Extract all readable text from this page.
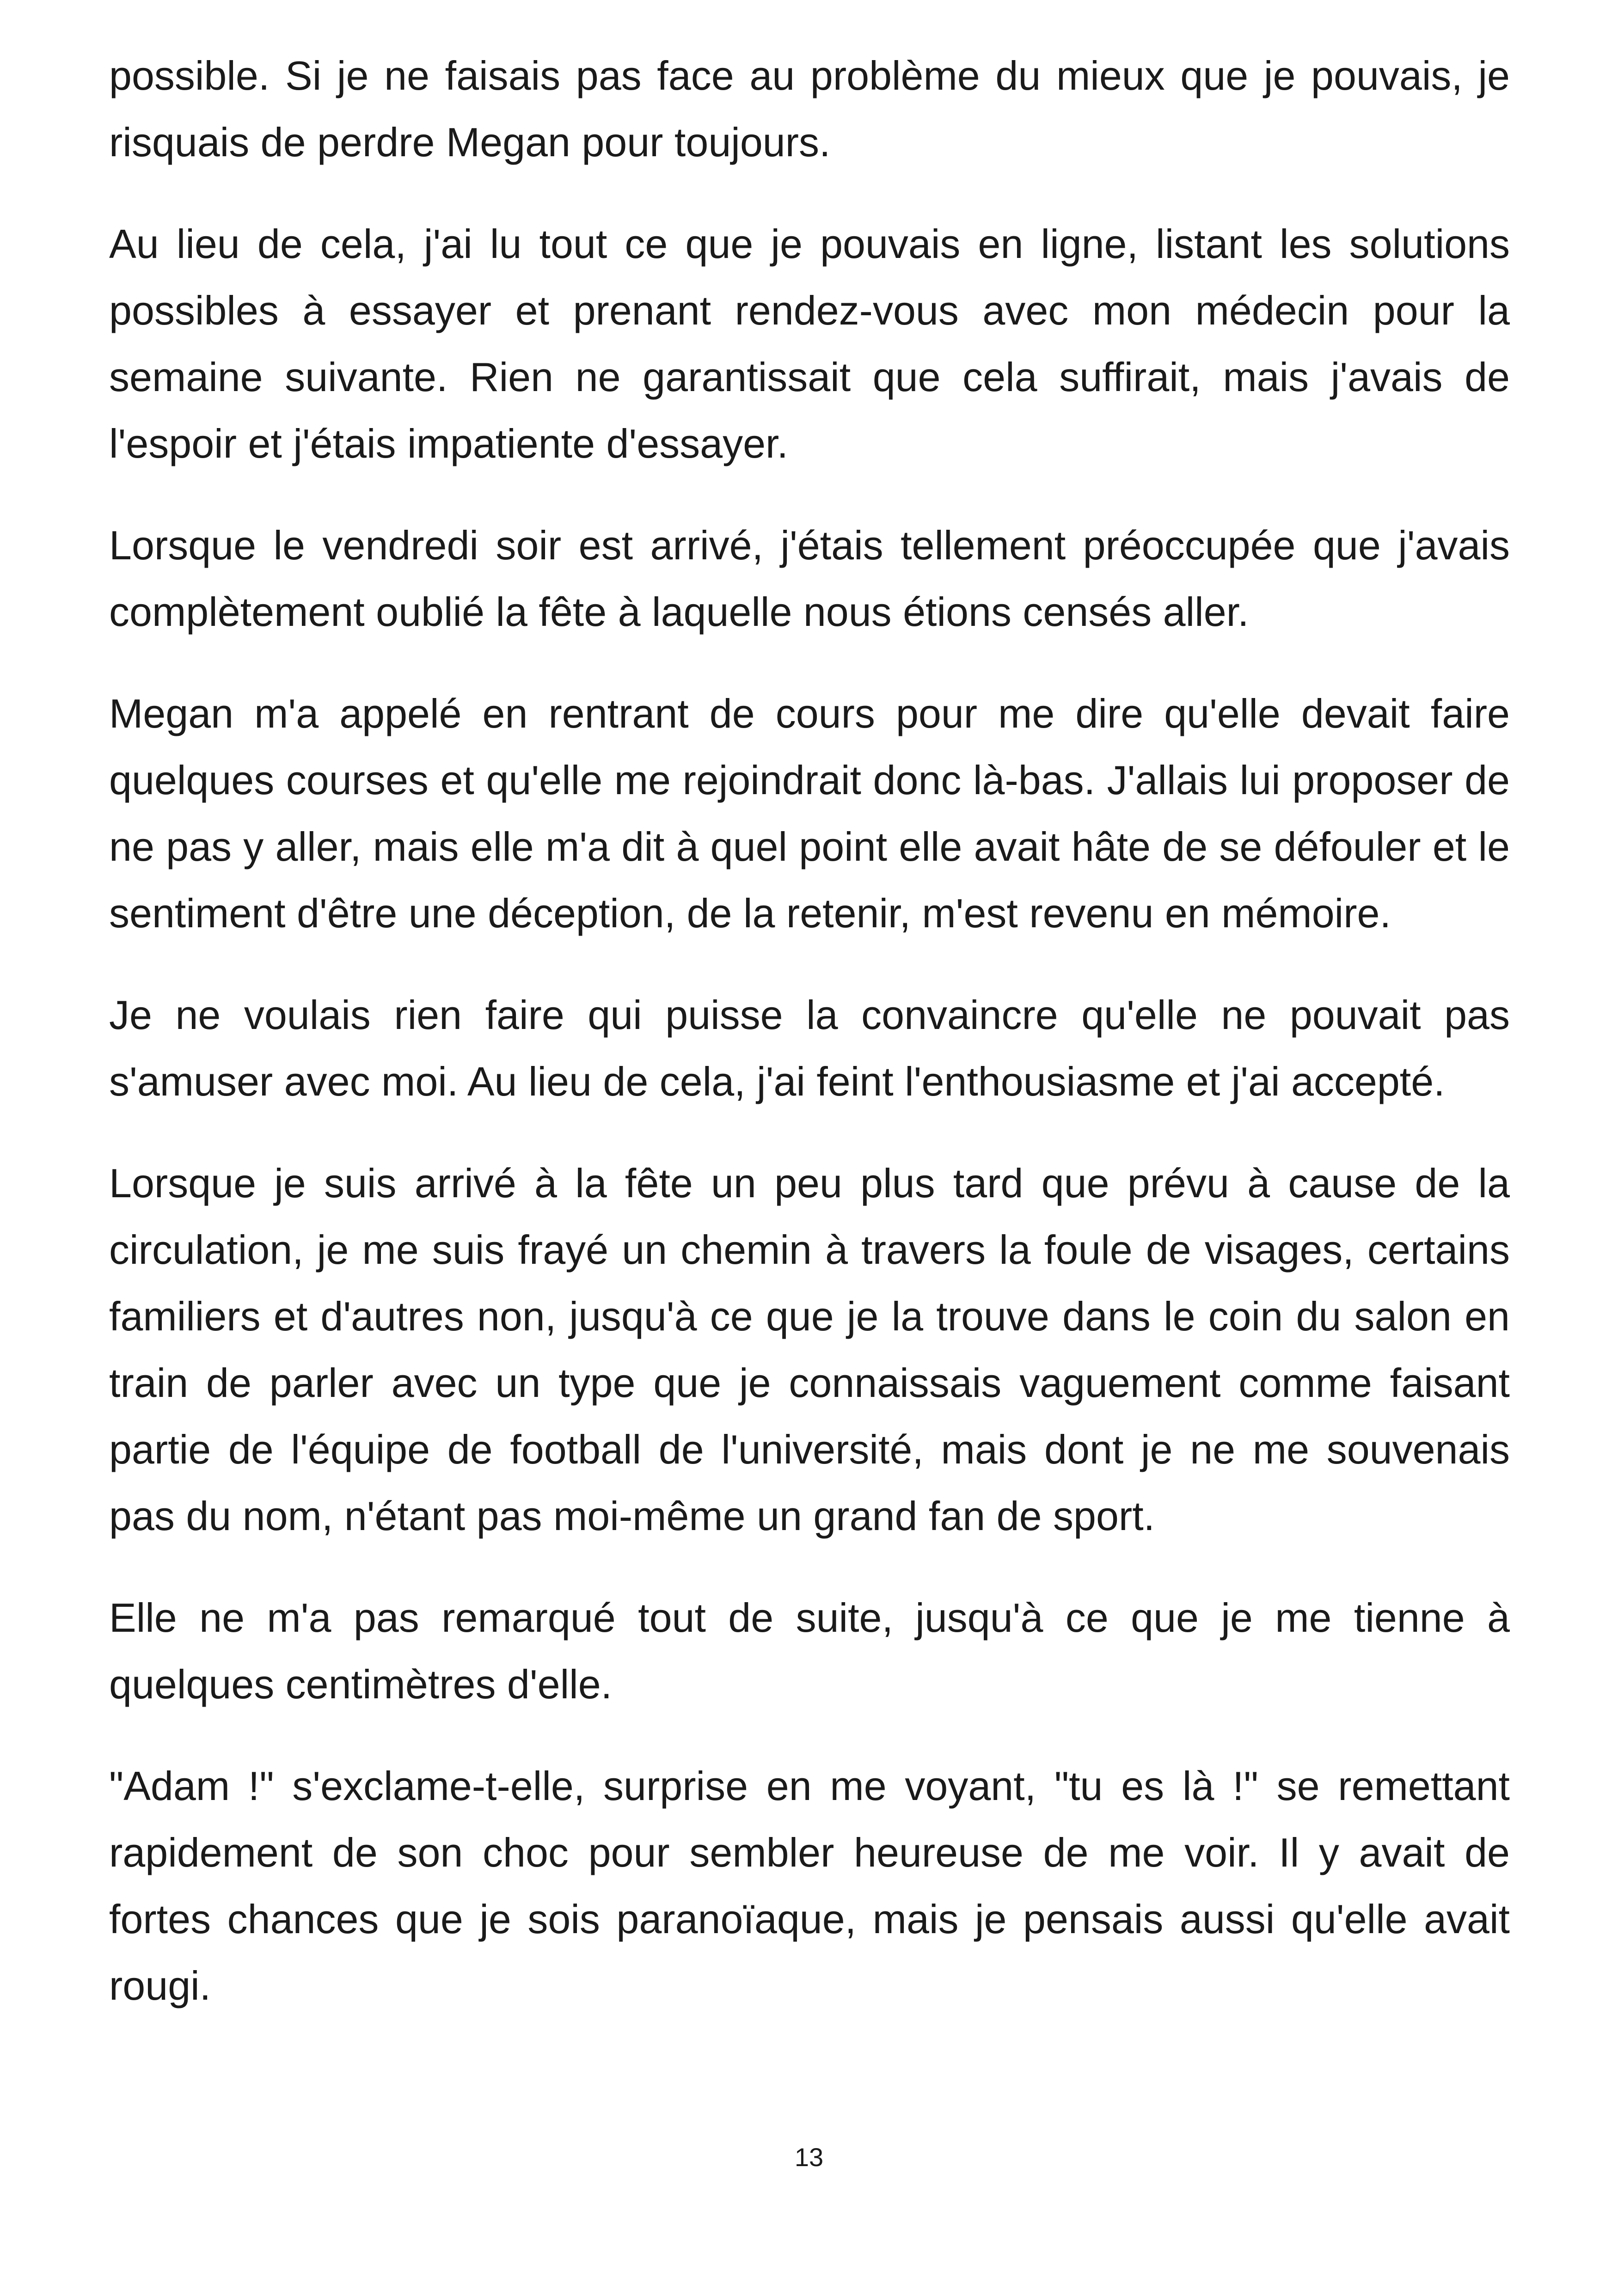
possible. Si je ne faisais pas face au problème du mieux que je pouvais, je risquais de perdre Megan pour toujours.

Au lieu de cela, j'ai lu tout ce que je pouvais en ligne, listant les solutions possibles à essayer et prenant rendez-vous avec mon médecin pour la semaine suivante. Rien ne garantissait que cela suffirait, mais j'avais de l'espoir et j'étais impatiente d'essayer.

Lorsque le vendredi soir est arrivé, j'étais tellement préoccupée que j'avais complètement oublié la fête à laquelle nous étions censés aller.

Megan m'a appelé en rentrant de cours pour me dire qu'elle devait faire quelques courses et qu'elle me rejoindrait donc là-bas. J'allais lui proposer de ne pas y aller, mais elle m'a dit à quel point elle avait hâte de se défouler et le sentiment d'être une déception, de la retenir, m'est revenu en mémoire.

Je ne voulais rien faire qui puisse la convaincre qu'elle ne pouvait pas s'amuser avec moi. Au lieu de cela, j'ai feint l'enthousiasme et j'ai accepté.

Lorsque je suis arrivé à la fête un peu plus tard que prévu à cause de la circulation, je me suis frayé un chemin à travers la foule de visages, certains familiers et d'autres non, jusqu'à ce que je la trouve dans le coin du salon en train de parler avec un type que je connaissais vaguement comme faisant partie de l'équipe de football de l'université, mais dont je ne me souvenais pas du nom, n'étant pas moi-même un grand fan de sport.

Elle ne m'a pas remarqué tout de suite, jusqu'à ce que je me tienne à quelques centimètres d'elle.

"Adam !" s'exclame-t-elle, surprise en me voyant, "tu es là !" se remettant rapidement de son choc pour sembler heureuse de me voir. Il y avait de fortes chances que je sois paranoïaque, mais je pensais aussi qu'elle avait rougi.

13
